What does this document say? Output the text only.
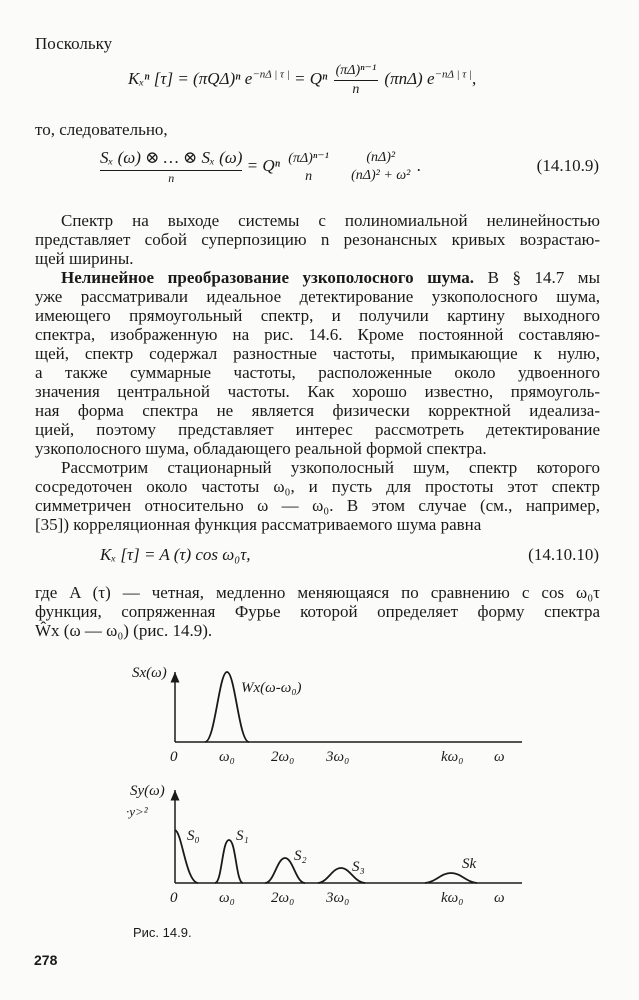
Поскольку
Kₓⁿ [τ] = (πQΔ)ⁿ $e^{-n\Delta | \tau |} = Q^n \frac{\text{(πΔ)ⁿ⁻¹}}{n} (\pi n\Delta)$ $e^{-n\Delta | \tau |}$,
то, следовательно,
Sₓ (ω) ⊗ … ⊗ Sₓ (ω)
n
= Qⁿ (πΔ)ⁿ⁻¹
n

(nΔ)²
(nΔ)² + ω²
.	(14.10.9)
Спектр на выходе системы с полиномиальной нелинейностью
представляет собой суперпозицию n резонансных кривых возрастаю-
щей ширины.
Нелинейное преобразование узкополосного шума. В § 14.7 мы
уже рассматривали идеальное детектирование узкополосного шума,
имеющего прямоугольный спектр, и получили картину выходного
спектра, изображенную на рис. 14.6. Кроме постоянной составляю-
щей, спектр содержал разностные частоты, примыкающие к нулю,
а также суммарные частоты, расположенные около удвоенного
значения центральной частоты. Как хорошо известно, прямоуголь-
ная форма спектра не является физически корректной идеализа-
цией, поэтому представляет интерес рассмотреть детектирование
узкополосного шума, обладающего реальной формой спектра.
Рассмотрим стационарный узкополосный шум, спектр которого
сосредоточен около частоты ω₀, и пусть для простоты этот спектр
симметричен относительно ω — ω₀. В этом случае (см., например,
[35]) корреляционная функция рассматриваемого шума равна
Kₓ [τ] = A (τ) cos ω₀τ,	(14.10.10)
где A (τ) — четная, медленно меняющаяся по сравнению с cos ω₀τ
функция, сопряженная Фурье которой определяет форму спектра
Ŵx (ω — ω₀) (рис. 14.9).
Sx(ω)
Wx(ω-ω₀)
0	ω₀ 2ω₀ 3ω₀	kω₀ ω
Sy(ω)
·y>²
S₀ S₁
S₂
S₃	Sk
0	ω₀ 2ω₀ 3ω₀	kω₀ ω
Рис. 14.9.
278
